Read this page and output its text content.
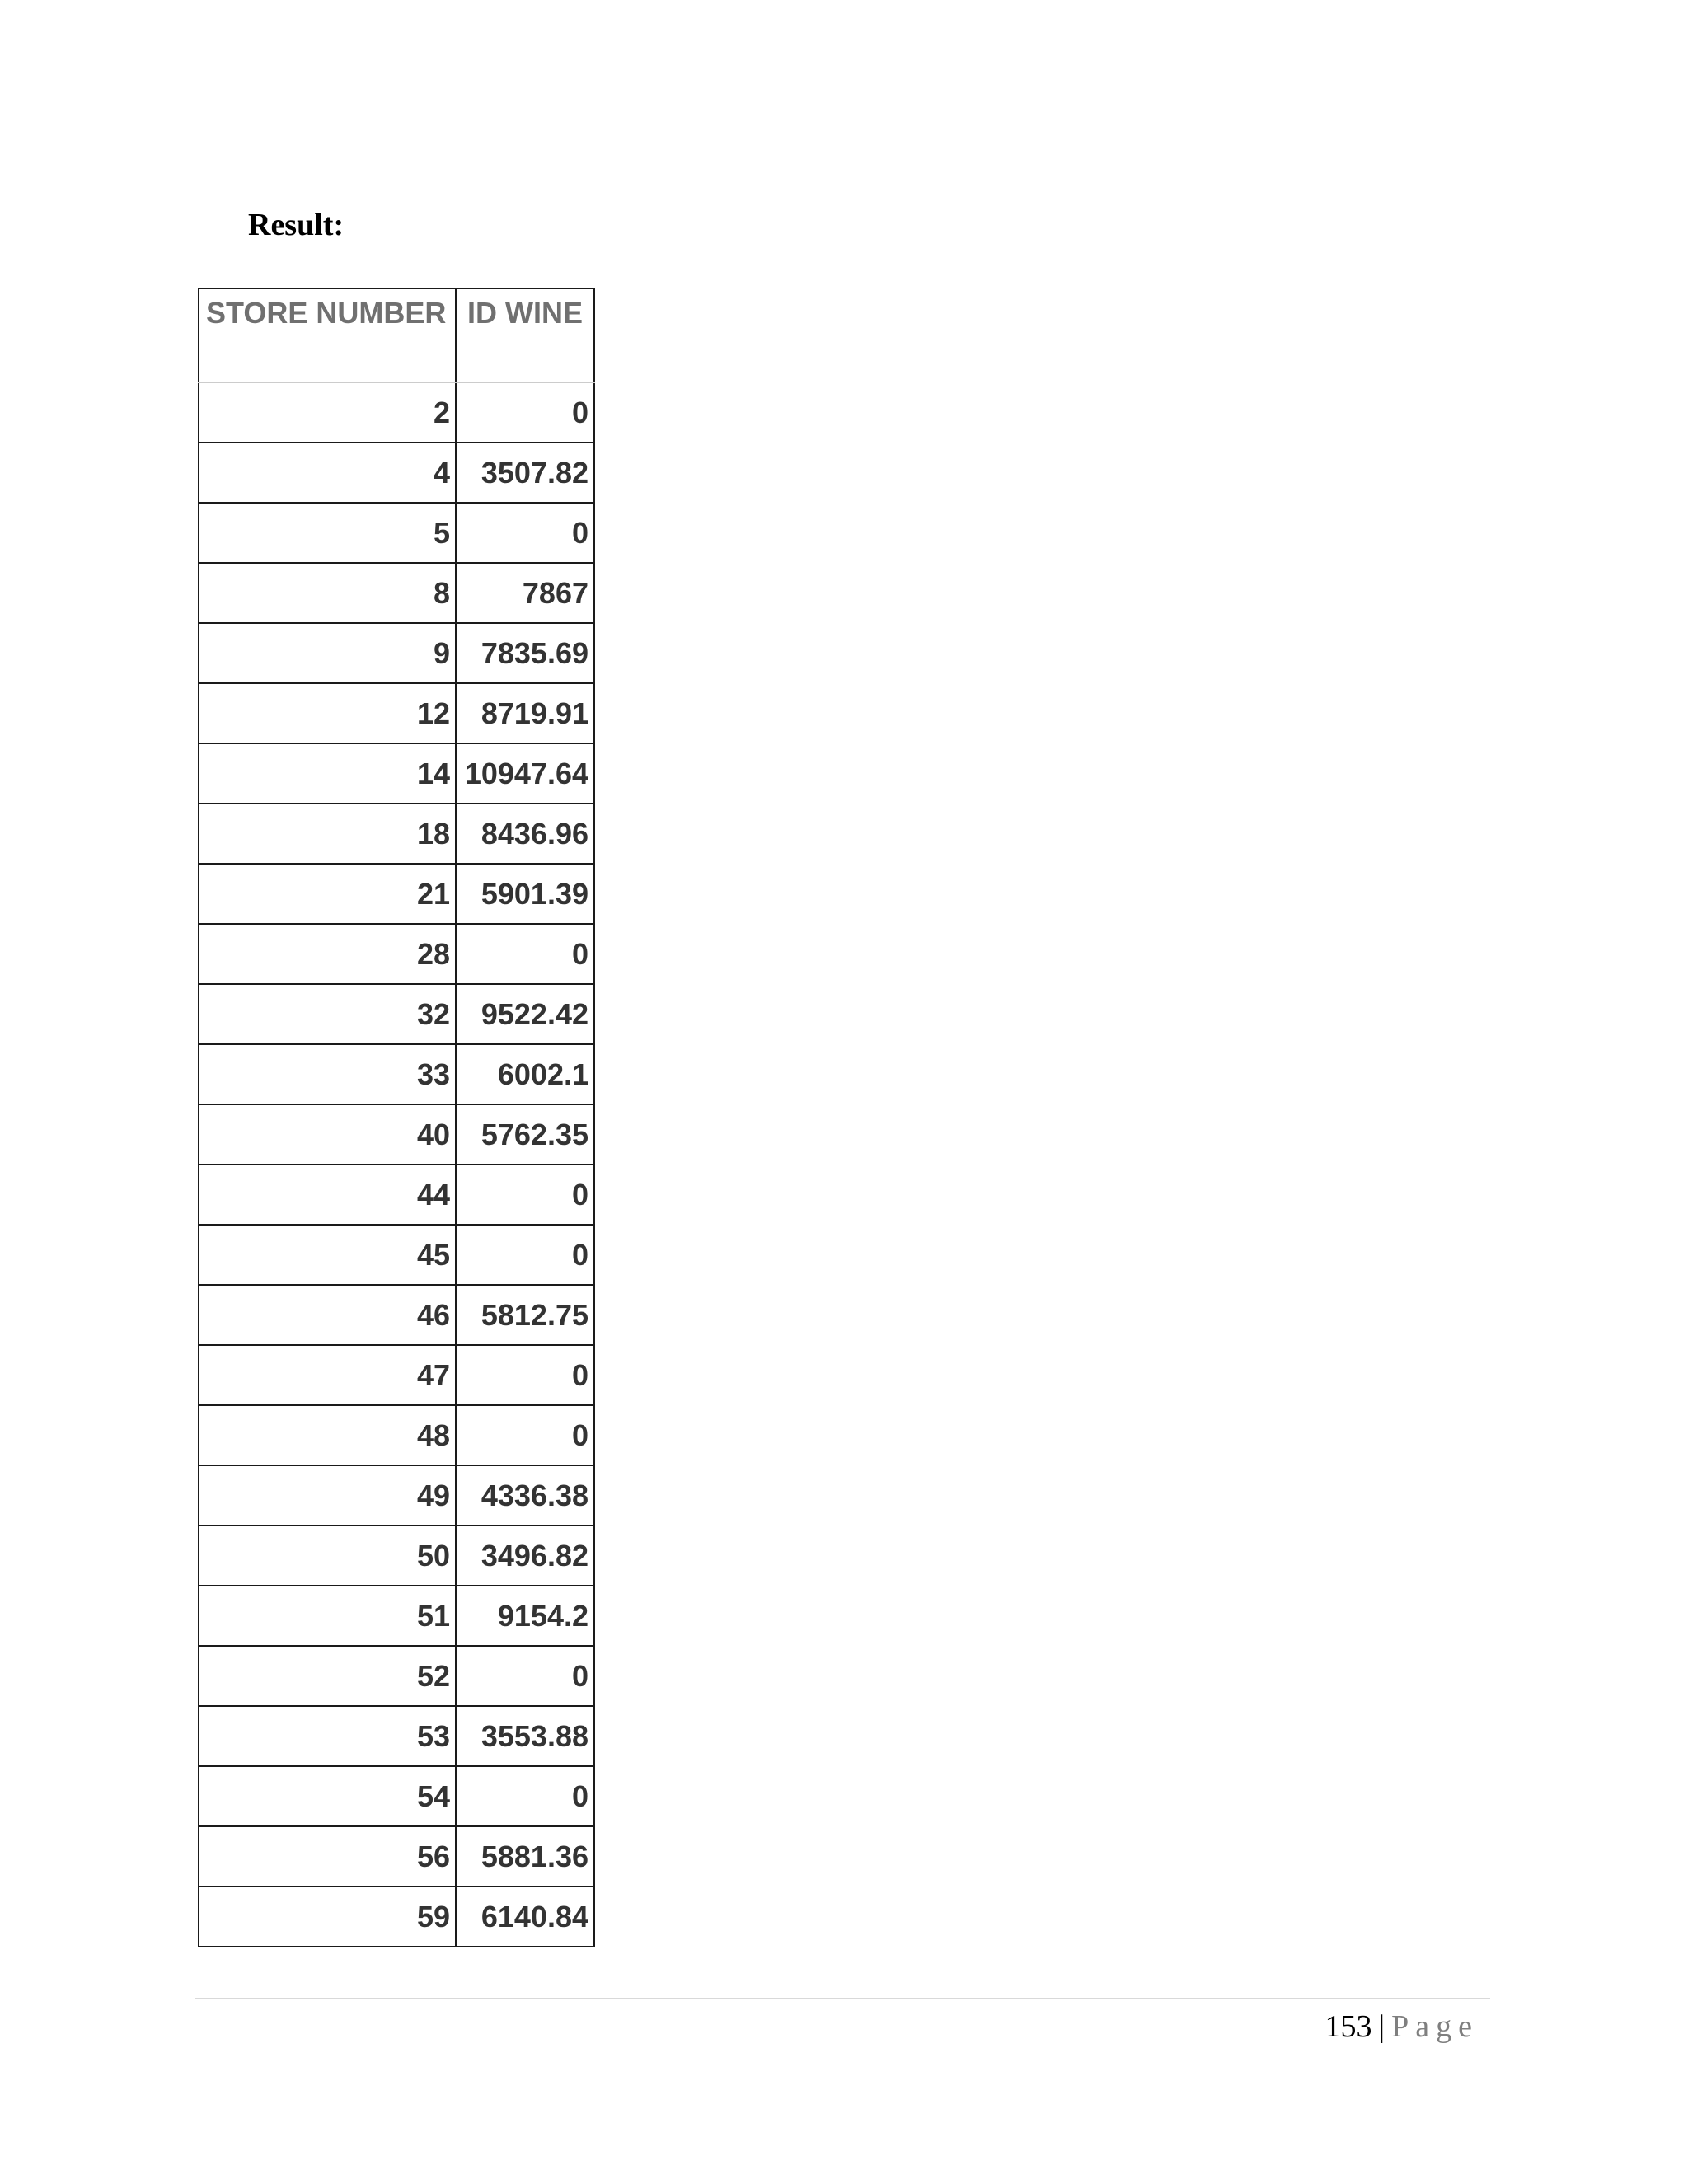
Result:
STORE NUMBER	ID WINE
2	0
4	3507.82
5	0
8	7867
9	7835.69
12	8719.91
14	10947.64
18	8436.96
21	5901.39
28	0
32	9522.42
33	6002.1
40	5762.35
44	0
45	0
46	5812.75
47	0
48	0
49	4336.38
50	3496.82
51	9154.2
52	0
53	3553.88
54	0
56	5881.36
59	6140.84
153 | Page
